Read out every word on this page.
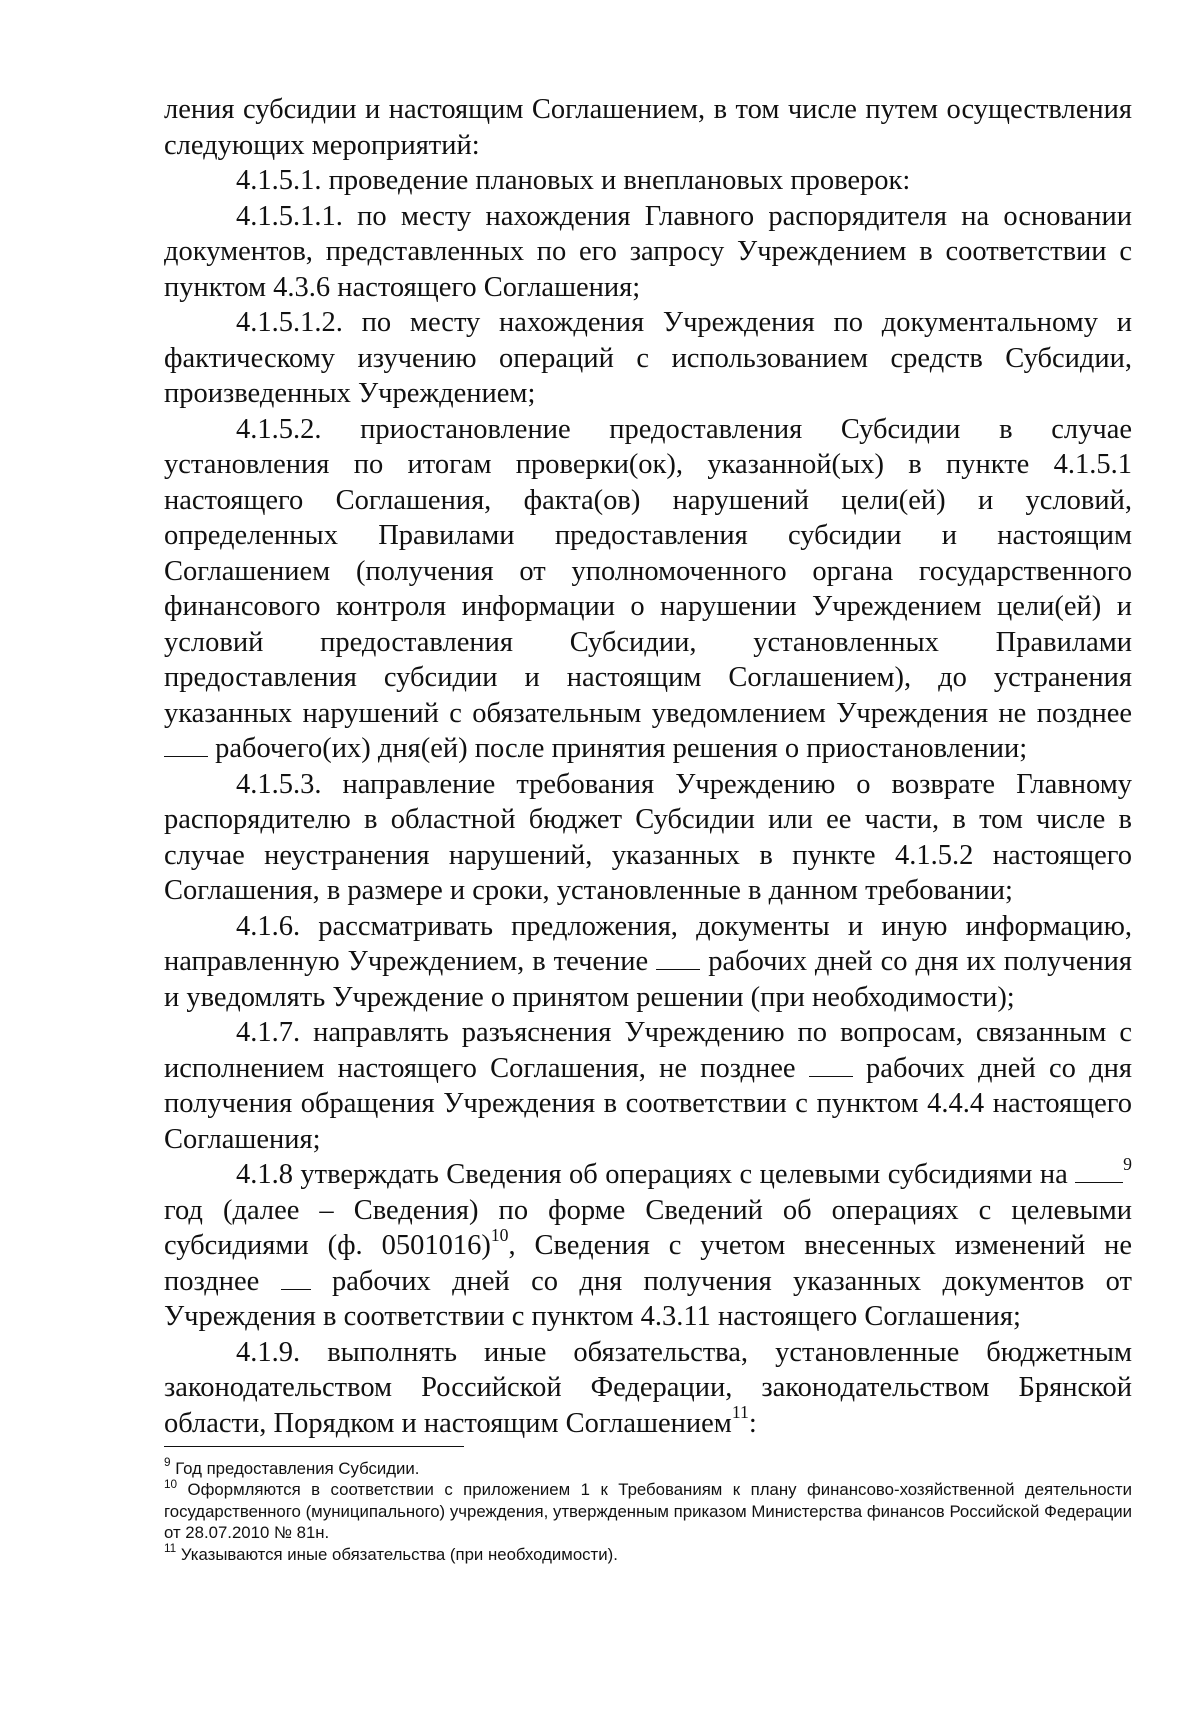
ления субсидии и настоящим Соглашением, в том числе путем осуществления следующих мероприятий:

4.1.5.1. проведение плановых и внеплановых проверок:

4.1.5.1.1. по месту нахождения Главного распорядителя на основании документов, представленных по его запросу Учреждением в соответствии с пунктом 4.3.6 настоящего Соглашения;

4.1.5.1.2. по месту нахождения Учреждения по документальному и фактическому изучению операций с использованием средств Субсидии, произведенных Учреждением;

4.1.5.2. приостановление предоставления Субсидии в случае установления по итогам проверки(ок), указанной(ых) в пункте 4.1.5.1 настоящего Соглашения, факта(ов) нарушений цели(ей) и условий, определенных Правилами предоставления субсидии и настоящим Соглашением (получения от уполномоченного органа государственного финансового контроля информации о нарушении Учреждением цели(ей) и условий предоставления Субсидии, установленных Правилами предоставления субсидии и настоящим Соглашением), до устранения указанных нарушений с обязательным уведомлением Учреждения не позднее  рабочего(их) дня(ей) после принятия решения о приостановлении;

4.1.5.3. направление требования Учреждению о возврате Главному распорядителю в областной бюджет Субсидии или ее части, в том числе в случае неустранения нарушений, указанных в пункте 4.1.5.2 настоящего Соглашения, в размере и сроки, установленные в данном требовании;

4.1.6. рассматривать предложения, документы и иную информацию, направленную Учреждением, в течение  рабочих дней со дня их получения и уведомлять Учреждение о принятом решении (при необходимости);

4.1.7. направлять разъяснения Учреждению по вопросам, связанным с исполнением настоящего Соглашения, не позднее  рабочих дней со дня получения обращения Учреждения в соответствии с пунктом 4.4.4 настоящего Соглашения;

4.1.8 утверждать Сведения об операциях с целевыми субсидиями на	$^9$ год (далее – Сведения) по форме Сведений об операциях с целевыми субсидиями (ф. 0501016)$^{10}$, Сведения с учетом внесенных изменений не позднее  рабочих дней со дня получения указанных документов от Учреждения в соответствии с пунктом 4.3.11 настоящего Соглашения;

4.1.9. выполнять иные обязательства, установленные бюджетным законодательством Российской Федерации, законодательством Брянской области, Порядком и настоящим Соглашением$^{11}$:

$^9$ Год предоставления Субсидии.

$^{10}$ Оформляются в соответствии с приложением 1 к Требованиям к плану финансово-хозяйственной деятельности государственного (муниципального) учреждения, утвержденным приказом Министерства финансов Российской Федерации от 28.07.2010 № 81н.

$^{11}$ Указываются иные обязательства (при необходимости).
